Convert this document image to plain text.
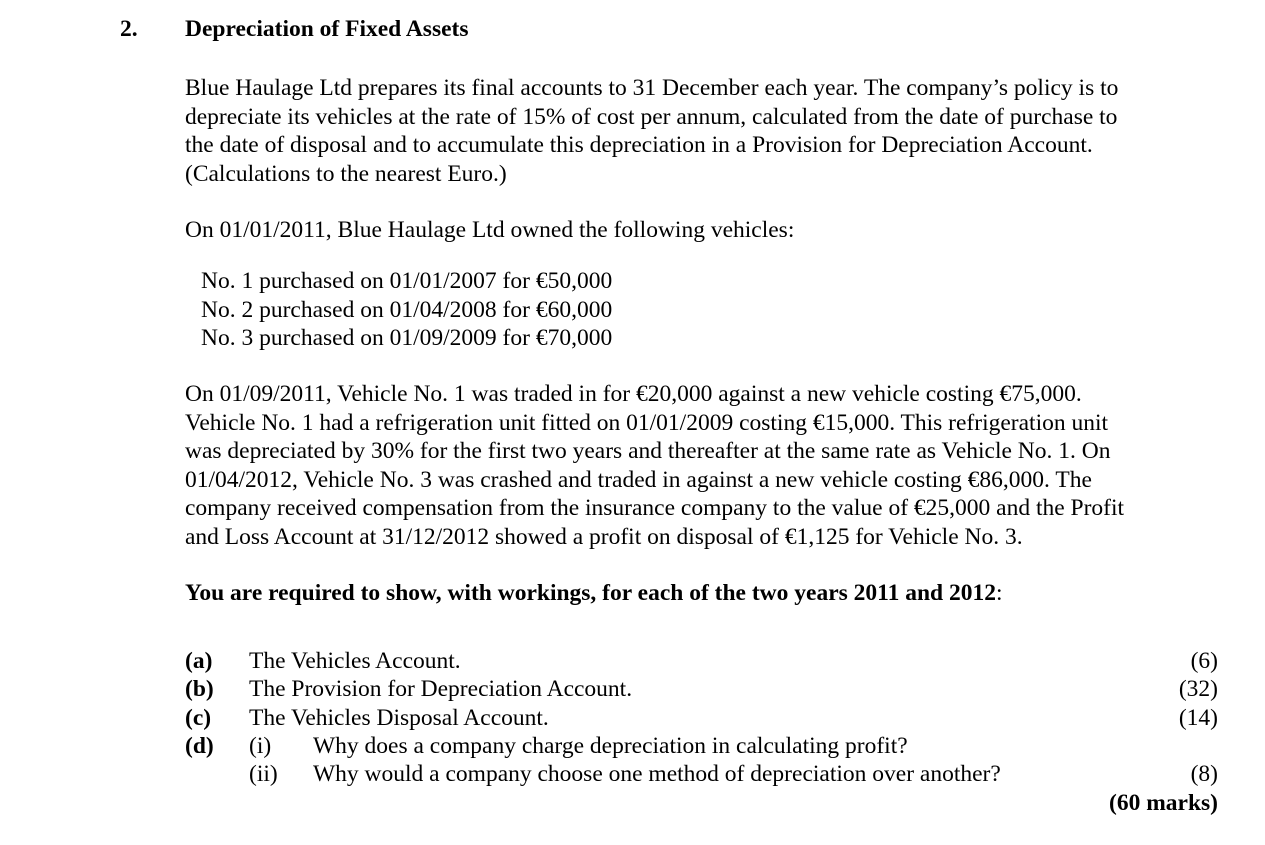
2. Depreciation of Fixed Assets
Blue Haulage Ltd prepares its final accounts to 31 December each year. The company’s policy is to
depreciate its vehicles at the rate of 15% of cost per annum, calculated from the date of purchase to
the date of disposal and to accumulate this depreciation in a Provision for Depreciation Account.
(Calculations to the nearest Euro.)
On 01/01/2011, Blue Haulage Ltd owned the following vehicles:
No. 1 purchased on 01/01/2007 for €50,000
No. 2 purchased on 01/04/2008 for €60,000
No. 3 purchased on 01/09/2009 for €70,000
On 01/09/2011, Vehicle No. 1 was traded in for €20,000 against a new vehicle costing €75,000.
Vehicle No. 1 had a refrigeration unit fitted on 01/01/2009 costing €15,000. This refrigeration unit
was depreciated by 30% for the first two years and thereafter at the same rate as Vehicle No. 1. On
01/04/2012, Vehicle No. 3 was crashed and traded in against a new vehicle costing €86,000. The
company received compensation from the insurance company to the value of €25,000 and the Profit
and Loss Account at 31/12/2012 showed a profit on disposal of €1,125 for Vehicle No. 3.
You are required to show, with workings, for each of the two years 2011 and 2012:
(a) The Vehicles Account.	(6)
(b) The Provision for Depreciation Account.	(32)
(c) The Vehicles Disposal Account.	(14)
(d) (i) Why does a company charge depreciation in calculating profit?
(ii) Why would a company choose one method of depreciation over another?	(8)
(60 marks)
